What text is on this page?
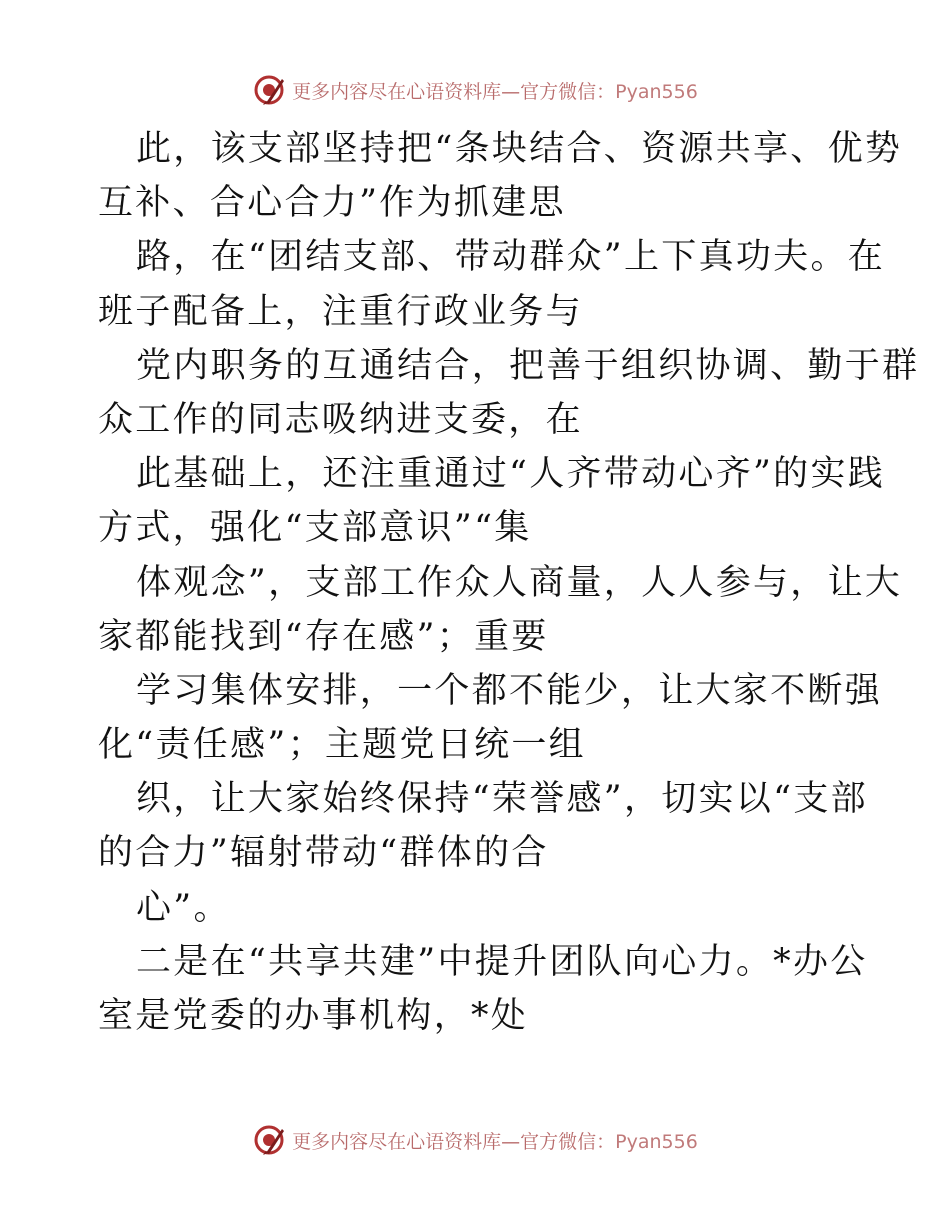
更多内容尽在心语资料库—官方微信：Pyan556
此，该支部坚持把“条块结合、资源共享、优势
互补、合心合力”作为抓建思
路，在“团结支部、带动群众”上下真功夫。在
班子配备上，注重行政业务与
党内职务的互通结合，把善于组织协调、勤于群
众工作的同志吸纳进支委，在
此基础上，还注重通过“人齐带动心齐”的实践
方式，强化“支部意识”“集
体观念”，支部工作众人商量，人人参与，让大
家都能找到“存在感”；重要
学习集体安排，一个都不能少，让大家不断强
化“责任感”；主题党日统一组
织，让大家始终保持“荣誉感”，切实以“支部
的合力”辐射带动“群体的合
心”。
二是在“共享共建”中提升团队向心力。*办公
室是党委的办事机构，*处
更多内容尽在心语资料库—官方微信：Pyan556
